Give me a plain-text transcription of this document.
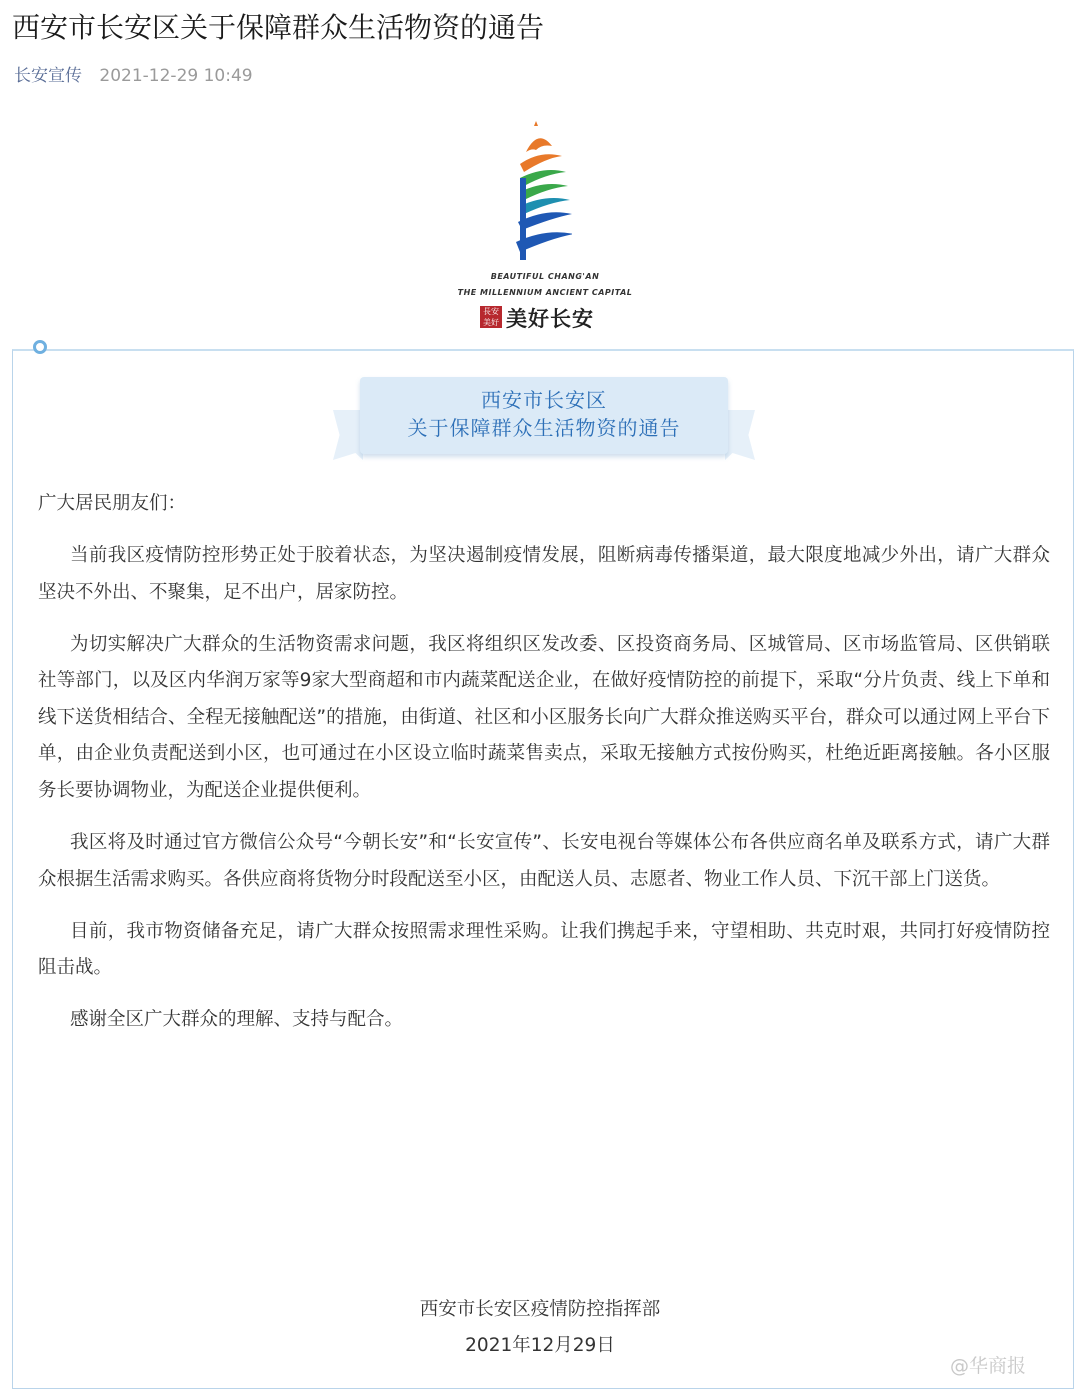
西安市长安区关于保障群众生活物资的通告
长安宣传 2021-12-29 10:49
BEAUTIFUL CHANG'AN
THE MILLENNIUM ANCIENT CAPITAL
長安
美好 美好长安
西安市长安区
关于保障群众生活物资的通告

广大居民朋友们：

当前我区疫情防控形势正处于胶着状态，为坚决遏制疫情发展，阻断病毒传播渠道，最大限度地减少外出，请广大群众坚决不外出、不聚集，足不出户，居家防控。

为切实解决广大群众的生活物资需求问题，我区将组织区发改委、区投资商务局、区城管局、区市场监管局、区供销联社等部门，以及区内华润万家等9家大型商超和市内蔬菜配送企业，在做好疫情防控的前提下，采取“分片负责、线上下单和线下送货相结合、全程无接触配送”的措施，由街道、社区和小区服务长向广大群众推送购买平台，群众可以通过网上平台下单，由企业负责配送到小区，也可通过在小区设立临时蔬菜售卖点，采取无接触方式按份购买，杜绝近距离接触。各小区服务长要协调物业，为配送企业提供便利。

我区将及时通过官方微信公众号“今朝长安”和“长安宣传”、长安电视台等媒体公布各供应商名单及联系方式，请广大群众根据生活需求购买。各供应商将货物分时段配送至小区，由配送人员、志愿者、物业工作人员、下沉干部上门送货。

目前，我市物资储备充足，请广大群众按照需求理性采购。让我们携起手来，守望相助、共克时艰，共同打好疫情防控阻击战。

感谢全区广大群众的理解、支持与配合。

西安市长安区疫情防控指挥部
2021年12月29日
@华商报
